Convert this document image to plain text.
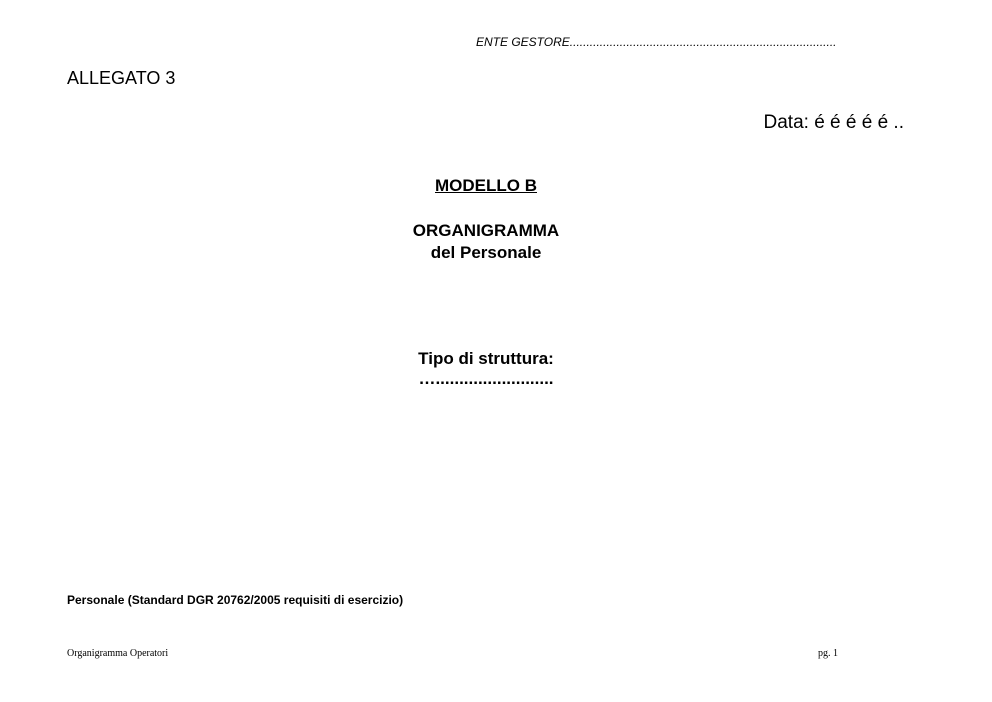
ENTE GESTORE................................................................................
ALLEGATO 3
Data: é é é é é ..
MODELLO B
ORGANIGRAMMA
del Personale
Tipo di struttura:
….........................
Personale (Standard DGR 20762/2005 requisiti di esercizio)
Organigramma Operatori	pg. 1
